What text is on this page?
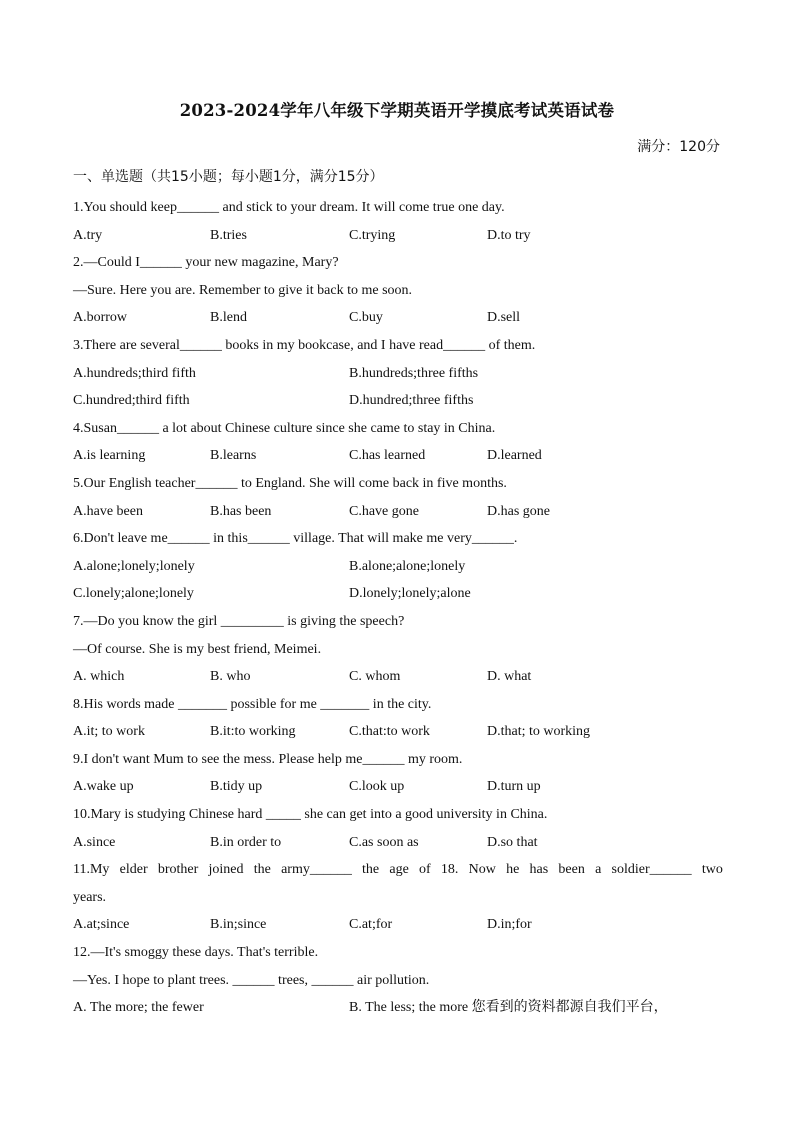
2023-2024学年八年级下学期英语开学摸底考试英语试卷
满分：120分
一、单选题（共15小题；每小题1分，满分15分）
1.You should keep______ and stick to your dream. It will come true one day.
A.try	B.tries	C.trying	D.to try
2.—Could I______ your new magazine, Mary?
—Sure. Here you are. Remember to give it back to me soon.
A.borrow	B.lend	C.buy	D.sell
3.There are several______ books in my bookcase, and I have read______ of them.
A.hundreds;third fifth	B.hundreds;three fifths
C.hundred;third fifth	D.hundred;three fifths
4.Susan______ a lot about Chinese culture since she came to stay in China.
A.is learning	B.learns	C.has learned	D.learned
5.Our English teacher______ to England. She will come back in five months.
A.have been	B.has been	C.have gone	D.has gone
6.Don't leave me______ in this______ village. That will make me very______.
A.alone;lonely;lonely	B.alone;alone;lonely
C.lonely;alone;lonely	D.lonely;lonely;alone
7.—Do you know the girl _________ is giving the speech?
—Of course. She is my best friend, Meimei.
A. which	B. who	C. whom	D. what
8.His words made _______ possible for me _______ in the city.
A.it; to work	B.it:to working	C.that:to work	D.that; to working
9.I don't want Mum to see the mess. Please help me______ my room.
A.wake up	B.tidy up	C.look up	D.turn up
10.Mary is studying Chinese hard _____ she can get into a good university in China.
A.since	B.in order to	C.as soon as	D.so that
11.My elder brother joined the army______ the age of 18. Now he has been a soldier______ two
years.
A.at;since	B.in;since	C.at;for	D.in;for
12.—It's smoggy these days. That's terrible.
—Yes. I hope to plant trees. ______ trees, ______ air pollution.
A. The more; the fewer	B. The less; the more 您看到的资料都源自我们平台，
